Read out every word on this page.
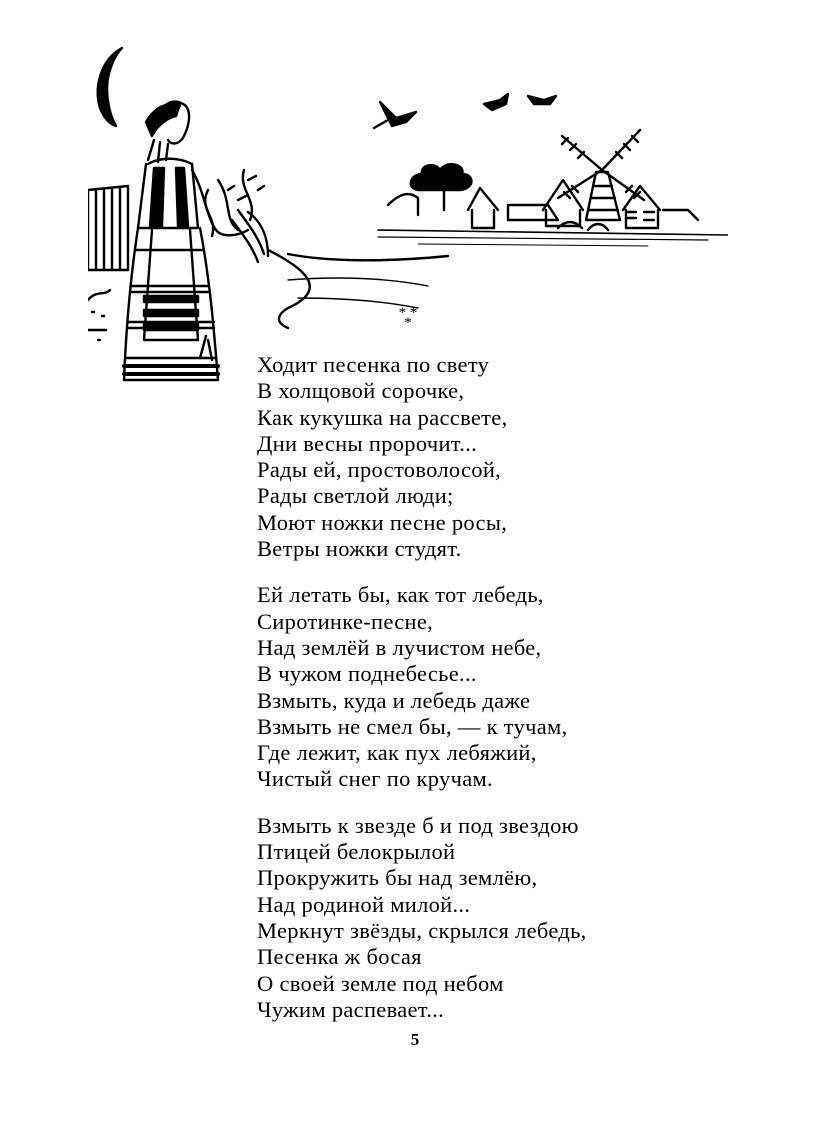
* *
*
Ходит песенка по свету
В холщовой сорочке,
Как кукушка на рассвете,
Дни весны пророчит...
Рады ей, простоволосой,
Рады светлой люди;
Моют ножки песне росы,
Ветры ножки студят.
Ей летать бы, как тот лебедь,
Сиротинке-песне,
Над землёй в лучистом небе,
В чужом поднебесье...
Взмыть, куда и лебедь даже
Взмыть не смел бы, — к тучам,
Где лежит, как пух лебяжий,
Чистый снег по кручам.
Взмыть к звезде б и под звездою
Птицей белокрылой
Прокружить бы над землёю,
Над родиной милой...
Меркнут звёзды, скрылся лебедь,
Песенка ж босая
О своей земле под небом
Чужим распевает...
5
